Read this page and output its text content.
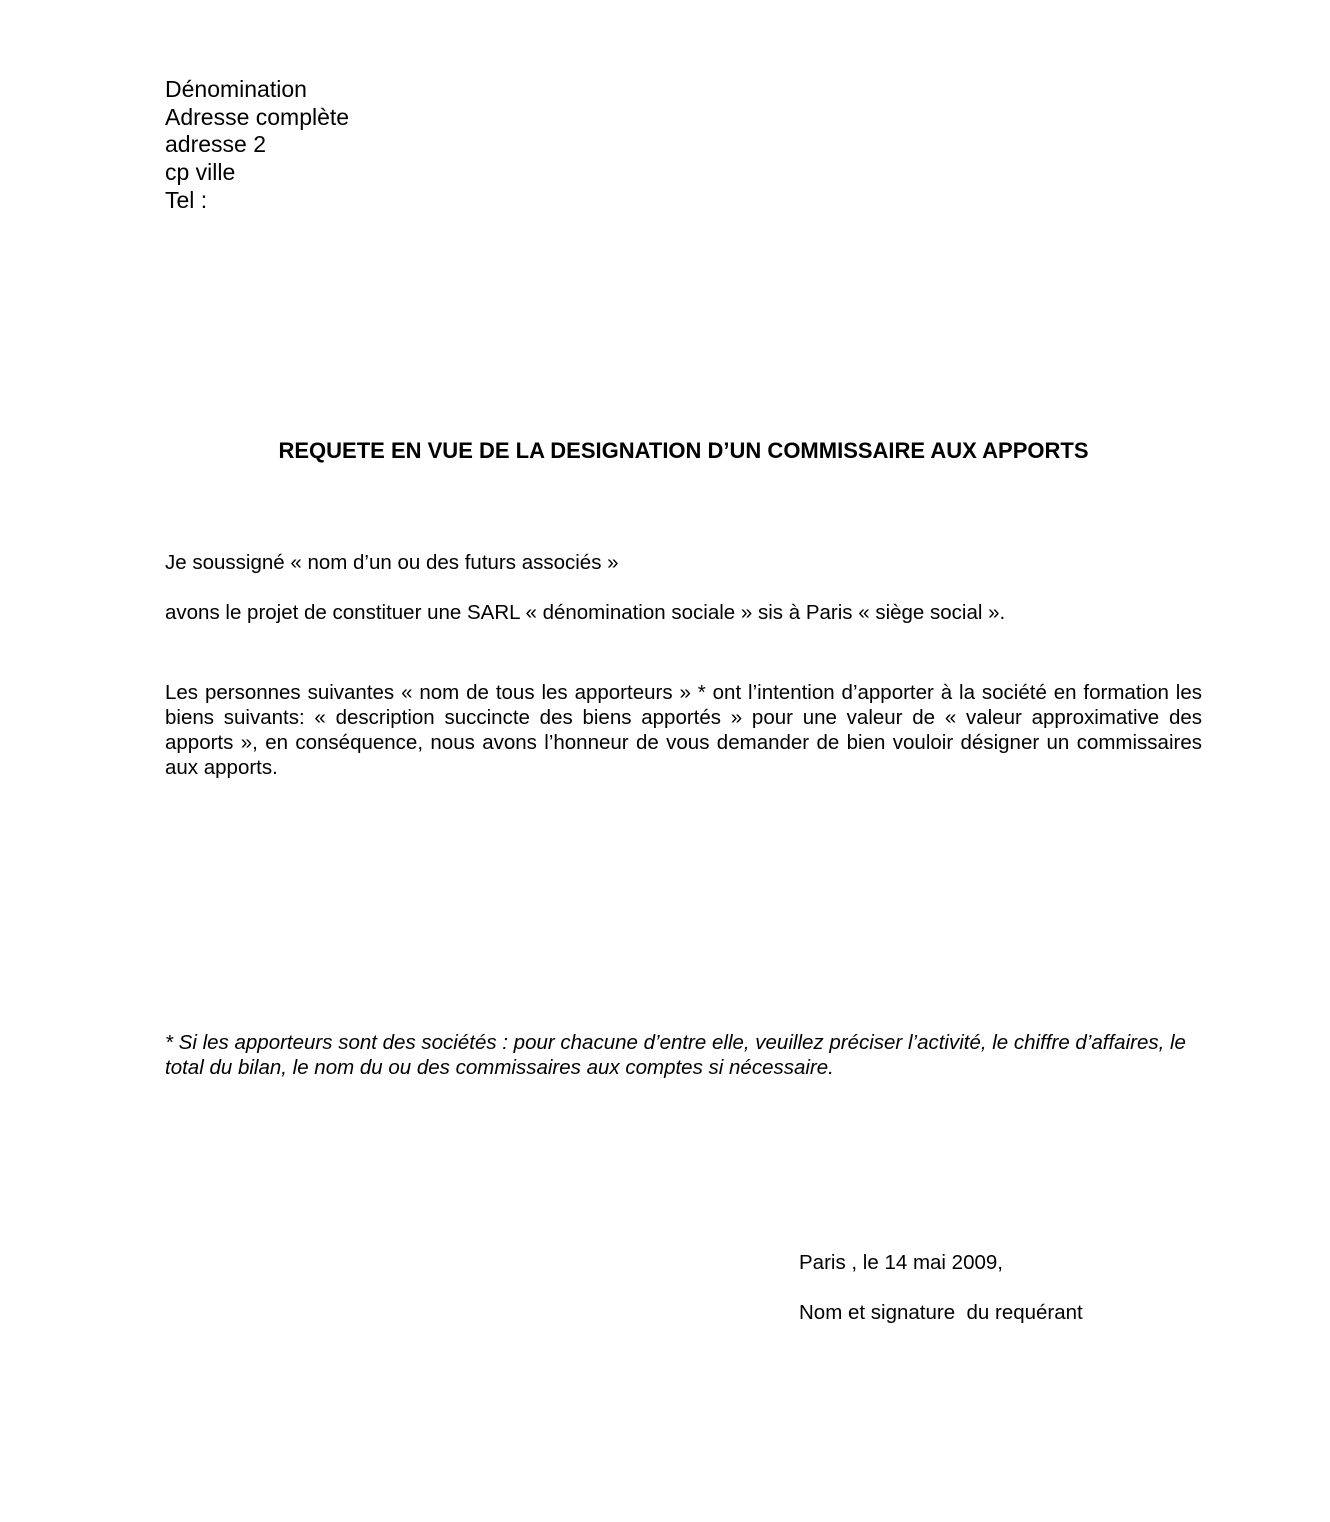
Dénomination
Adresse complète
adresse 2
cp ville
Tel :
REQUETE EN VUE DE LA DESIGNATION D’UN COMMISSAIRE AUX APPORTS
Je soussigné « nom d’un ou des futurs associés »
avons le projet de constituer une SARL « dénomination sociale » sis à Paris « siège social ».
Les personnes suivantes « nom de tous les apporteurs » * ont l’intention d’apporter à la société en formation les biens suivants: « description succincte des biens apportés » pour une valeur de « valeur approximative des apports », en conséquence, nous avons l’honneur de vous demander de bien vouloir désigner un commissaires aux apports.
* Si les apporteurs sont des sociétés : pour chacune d’entre elle, veuillez préciser l’activité, le chiffre d’affaires, le total du bilan, le nom du ou des commissaires aux comptes si nécessaire.
Paris , le 14 mai 2009,
Nom et signature  du requérant
